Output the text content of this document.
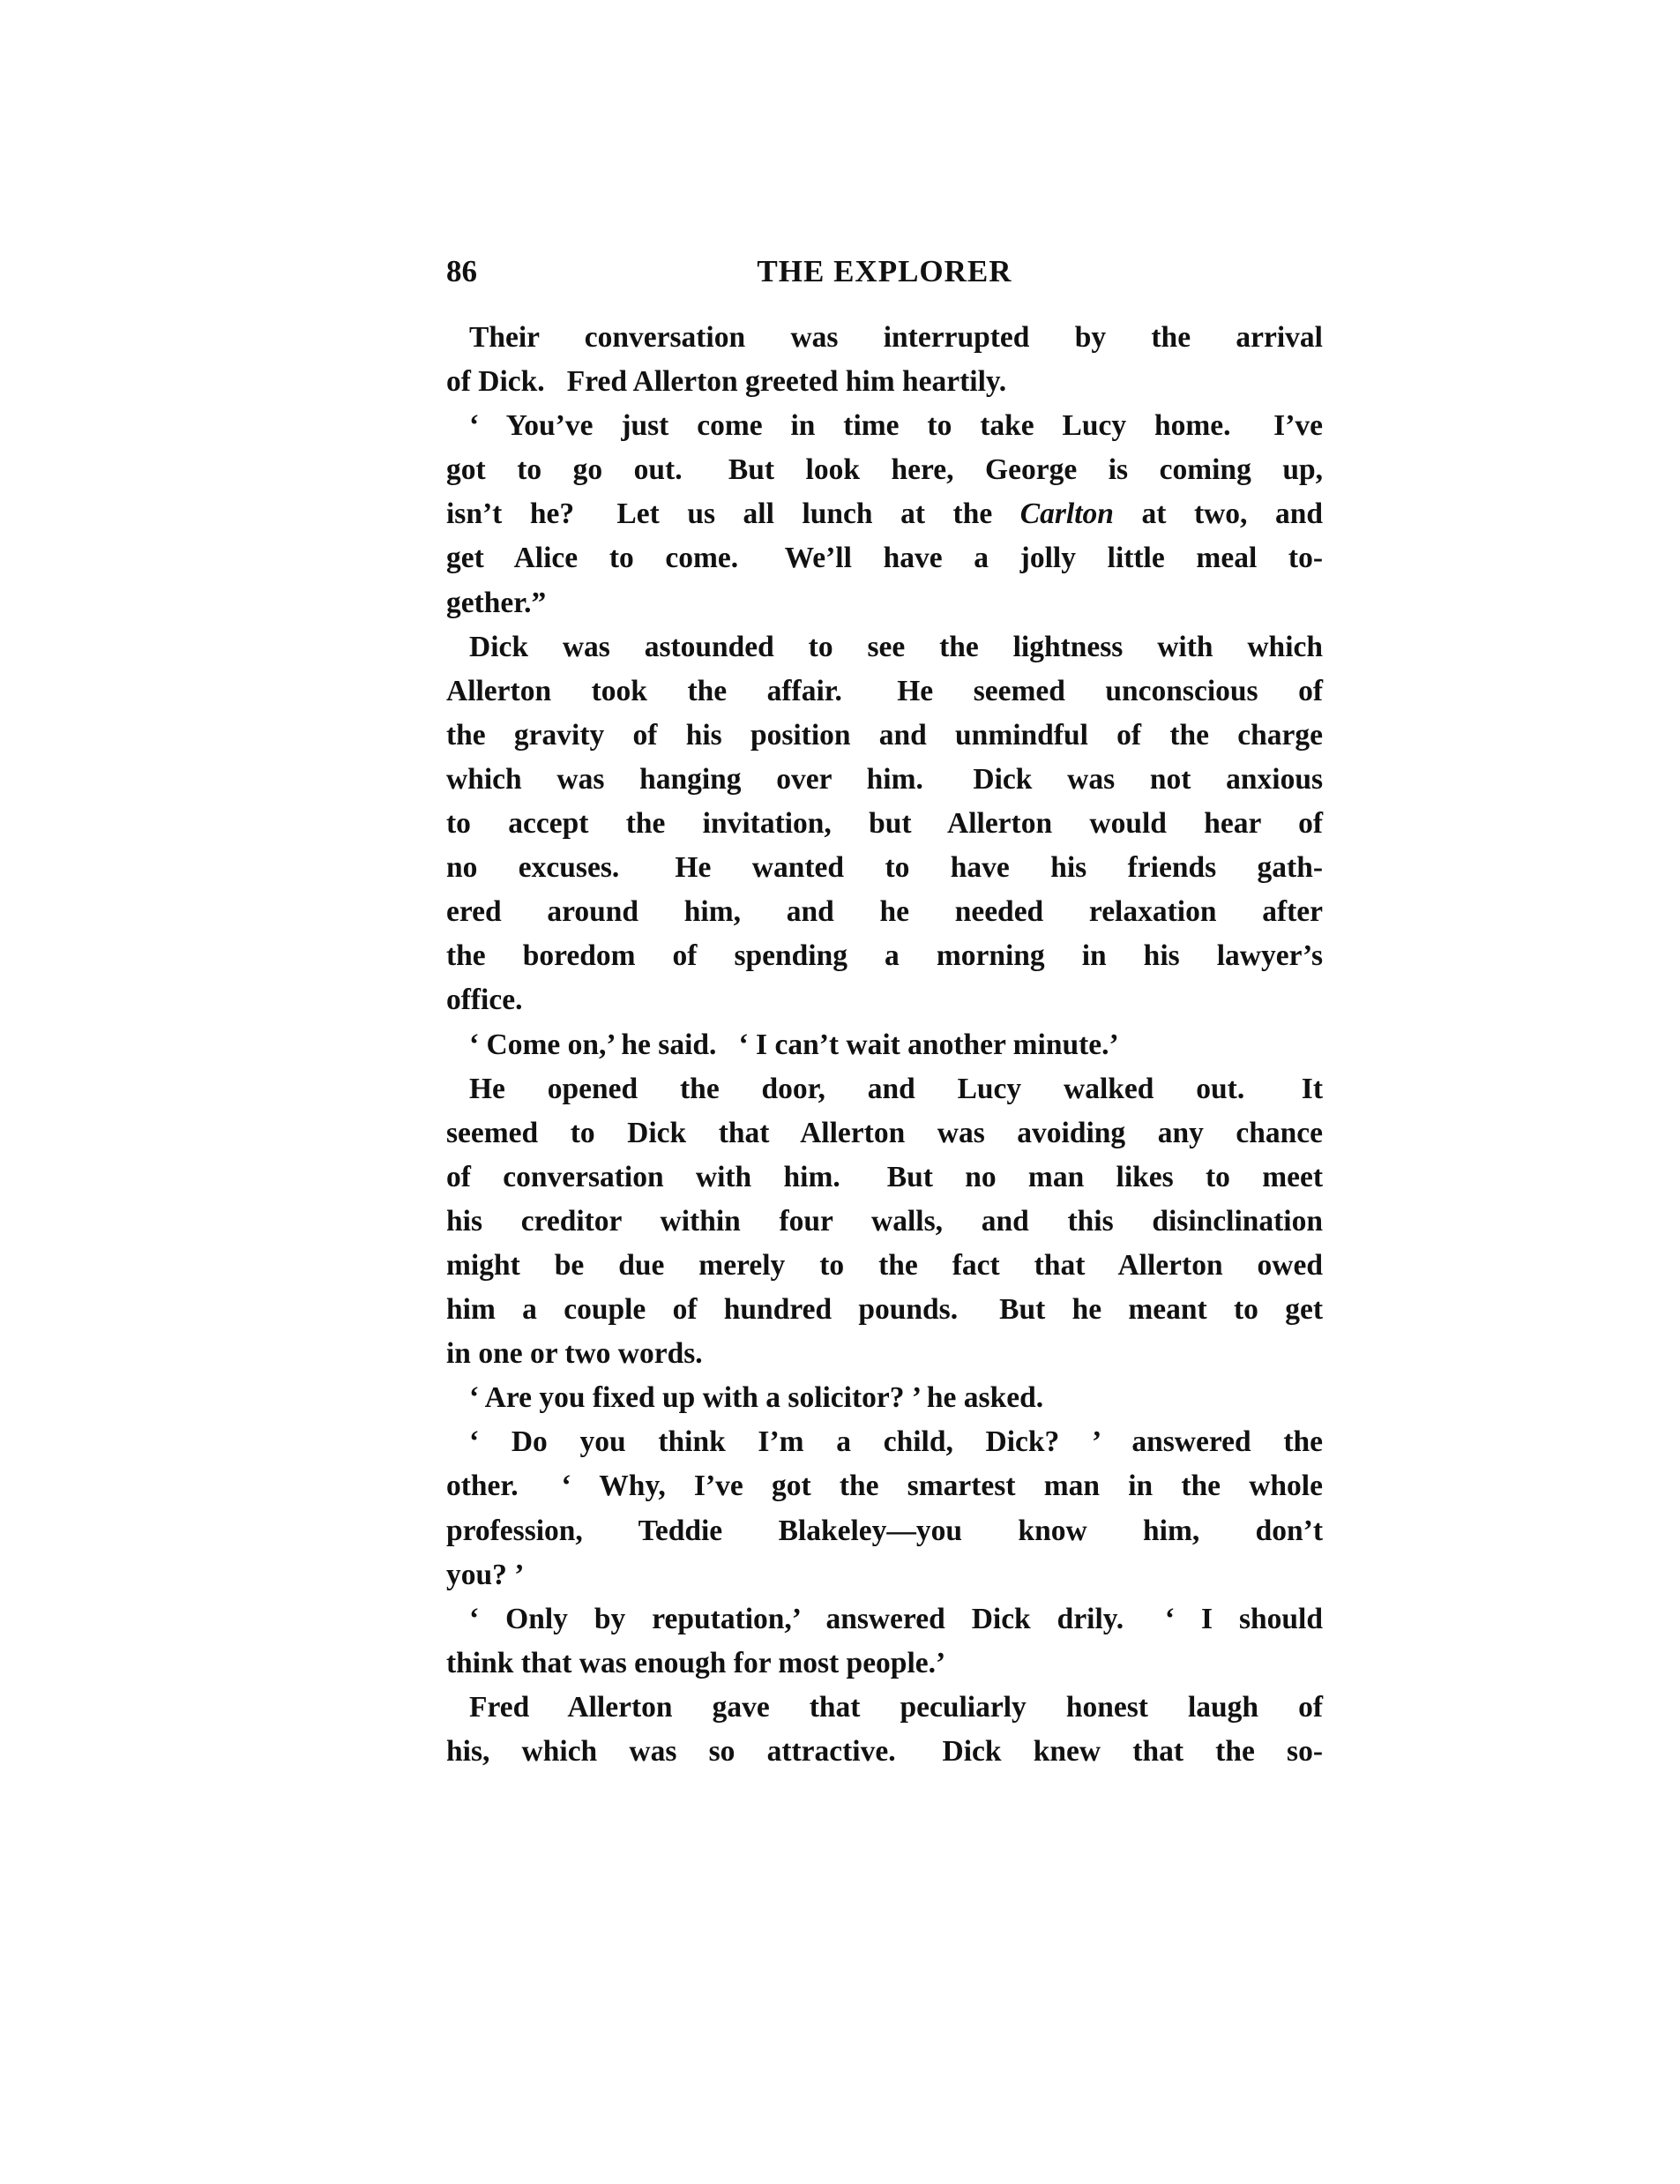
86	THE EXPLORER
Their conversation was interrupted by the arrival
of Dick.  Fred Allerton greeted him heartily.
‘ You’ve just come in time to take Lucy home.  I’ve
got to go out.  But look here, George is coming up,
isn’t he?  Let us all lunch at the Carlton at two, and
get Alice to come.  We’ll have a jolly little meal to-
gether.”
Dick was astounded to see the lightness with which
Allerton took the affair.  He seemed unconscious of
the gravity of his position and unmindful of the charge
which was hanging over him.  Dick was not anxious
to accept the invitation, but Allerton would hear of
no excuses.  He wanted to have his friends gath-
ered around him, and he needed relaxation after
the boredom of spending a morning in his lawyer’s
office.
‘ Come on,’ he said.  ‘ I can’t wait another minute.’
He opened the door, and Lucy walked out.  It
seemed to Dick that Allerton was avoiding any chance
of conversation with him.  But no man likes to meet
his creditor within four walls, and this disinclination
might be due merely to the fact that Allerton owed
him a couple of hundred pounds.  But he meant to get
in one or two words.
‘ Are you fixed up with a solicitor? ’ he asked.
‘ Do you think I’m a child, Dick? ’ answered the
other.  ‘ Why, I’ve got the smartest man in the whole
profession, Teddie Blakeley—you know him, don’t
you? ’
‘ Only by reputation,’ answered Dick drily.  ‘ I should
think that was enough for most people.’
Fred Allerton gave that peculiarly honest laugh of
his, which was so attractive.  Dick knew that the so-
